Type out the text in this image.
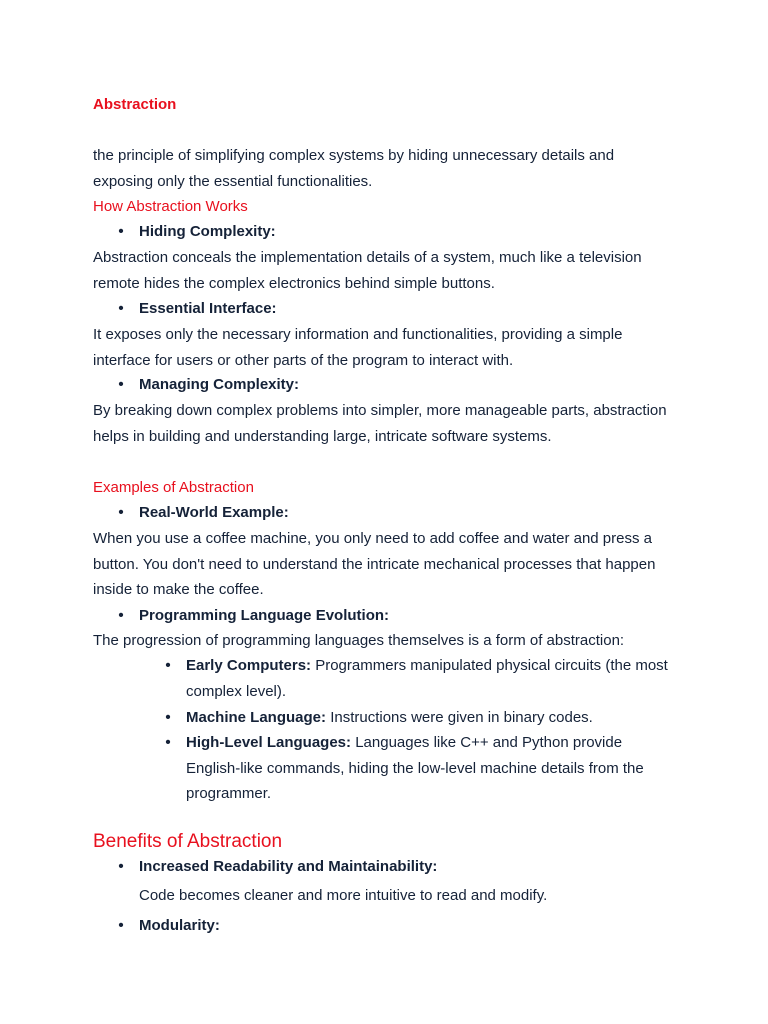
Abstraction
the principle of simplifying complex systems by hiding unnecessary details and exposing only the essential functionalities.
How Abstraction Works
• Hiding Complexity:
Abstraction conceals the implementation details of a system, much like a television remote hides the complex electronics behind simple buttons.
• Essential Interface:
It exposes only the necessary information and functionalities, providing a simple interface for users or other parts of the program to interact with.
• Managing Complexity:
By breaking down complex problems into simpler, more manageable parts, abstraction helps in building and understanding large, intricate software systems.
Examples of Abstraction
• Real-World Example:
When you use a coffee machine, you only need to add coffee and water and press a button. You don't need to understand the intricate mechanical processes that happen inside to make the coffee.
• Programming Language Evolution:
The progression of programming languages themselves is a form of abstraction:
• Early Computers: Programmers manipulated physical circuits (the most complex level).
• Machine Language: Instructions were given in binary codes.
• High-Level Languages: Languages like C++ and Python provide English-like commands, hiding the low-level machine details from the programmer.
Benefits of Abstraction
• Increased Readability and Maintainability:
Code becomes cleaner and more intuitive to read and modify.
• Modularity:
